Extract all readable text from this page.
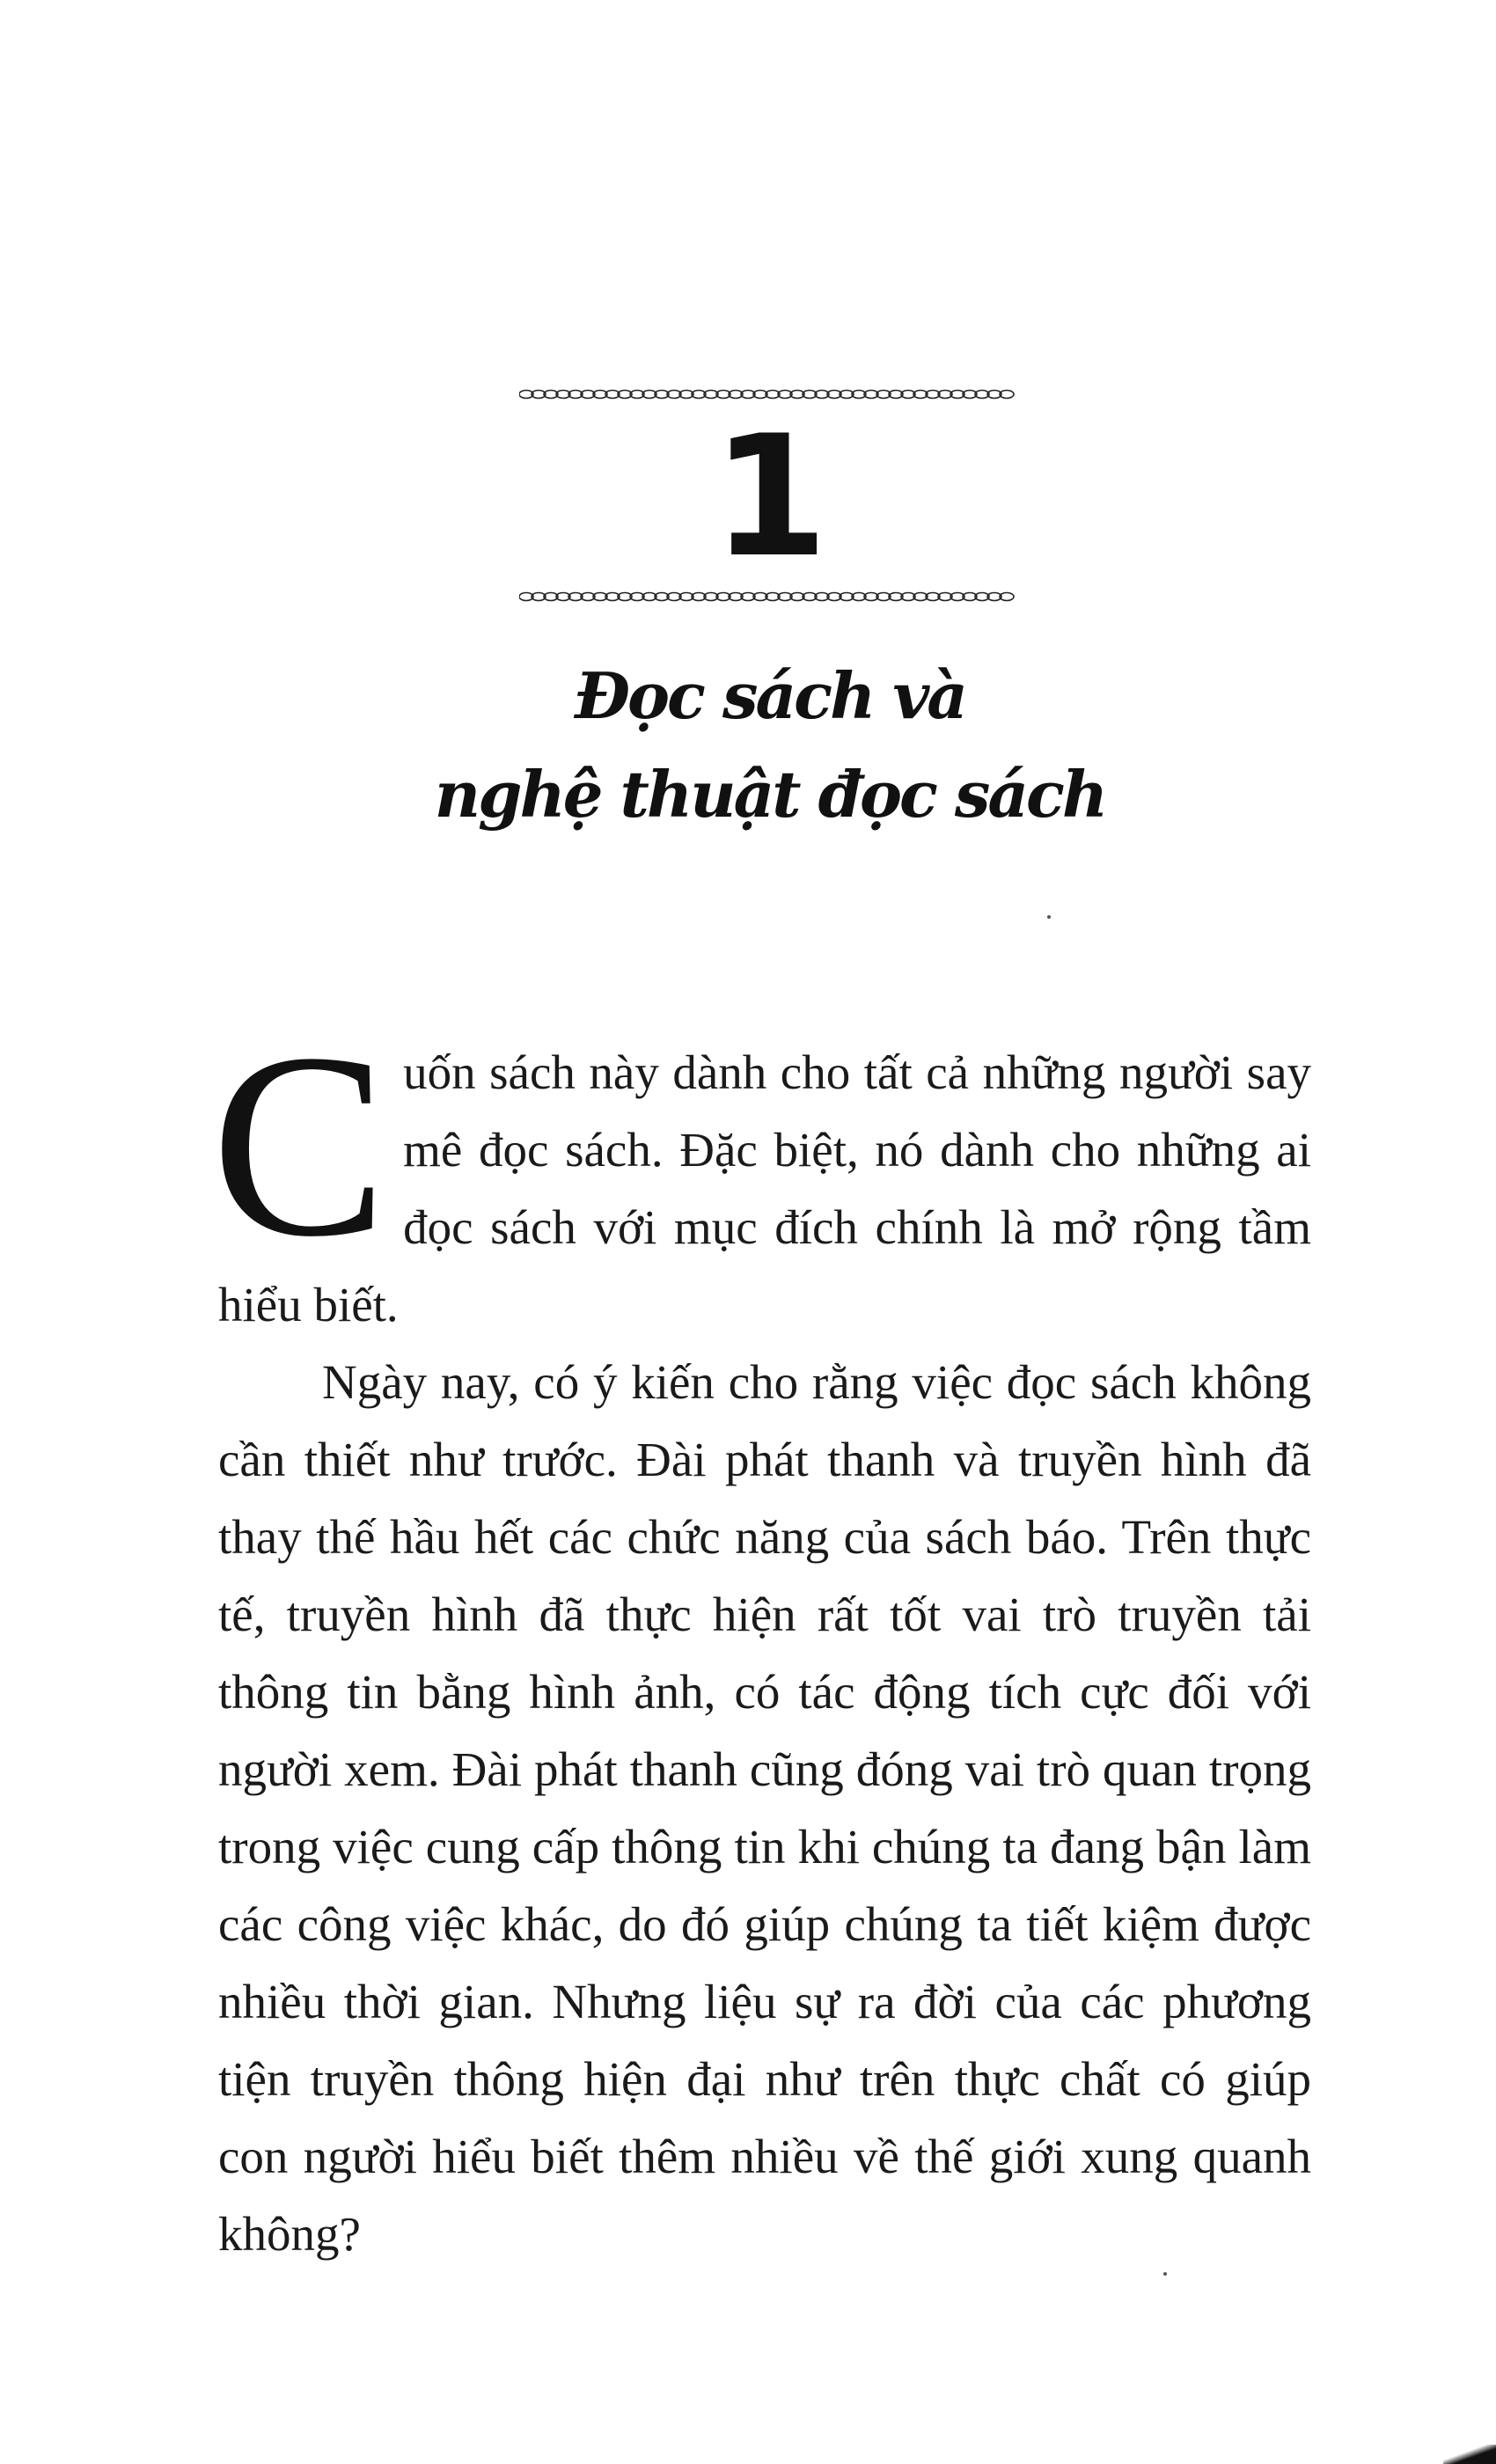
1
Đọc sách và
nghệ thuật đọc sách

Cuốn sách này dành cho tất cả những người say mê đọc sách. Đặc biệt, nó dành cho những ai đọc sách với mục đích chính là mở rộng tầm hiểu biết.

Ngày nay, có ý kiến cho rằng việc đọc sách không cần thiết như trước. Đài phát thanh và truyền hình đã thay thế hầu hết các chức năng của sách báo. Trên thực tế, truyền hình đã thực hiện rất tốt vai trò truyền tải thông tin bằng hình ảnh, có tác động tích cực đối với người xem. Đài phát thanh cũng đóng vai trò quan trọng trong việc cung cấp thông tin khi chúng ta đang bận làm các công việc khác, do đó giúp chúng ta tiết kiệm được nhiều thời gian. Nhưng liệu sự ra đời của các phương tiện truyền thông hiện đại như trên thực chất có giúp con người hiểu biết thêm nhiều về thế giới xung quanh không?
